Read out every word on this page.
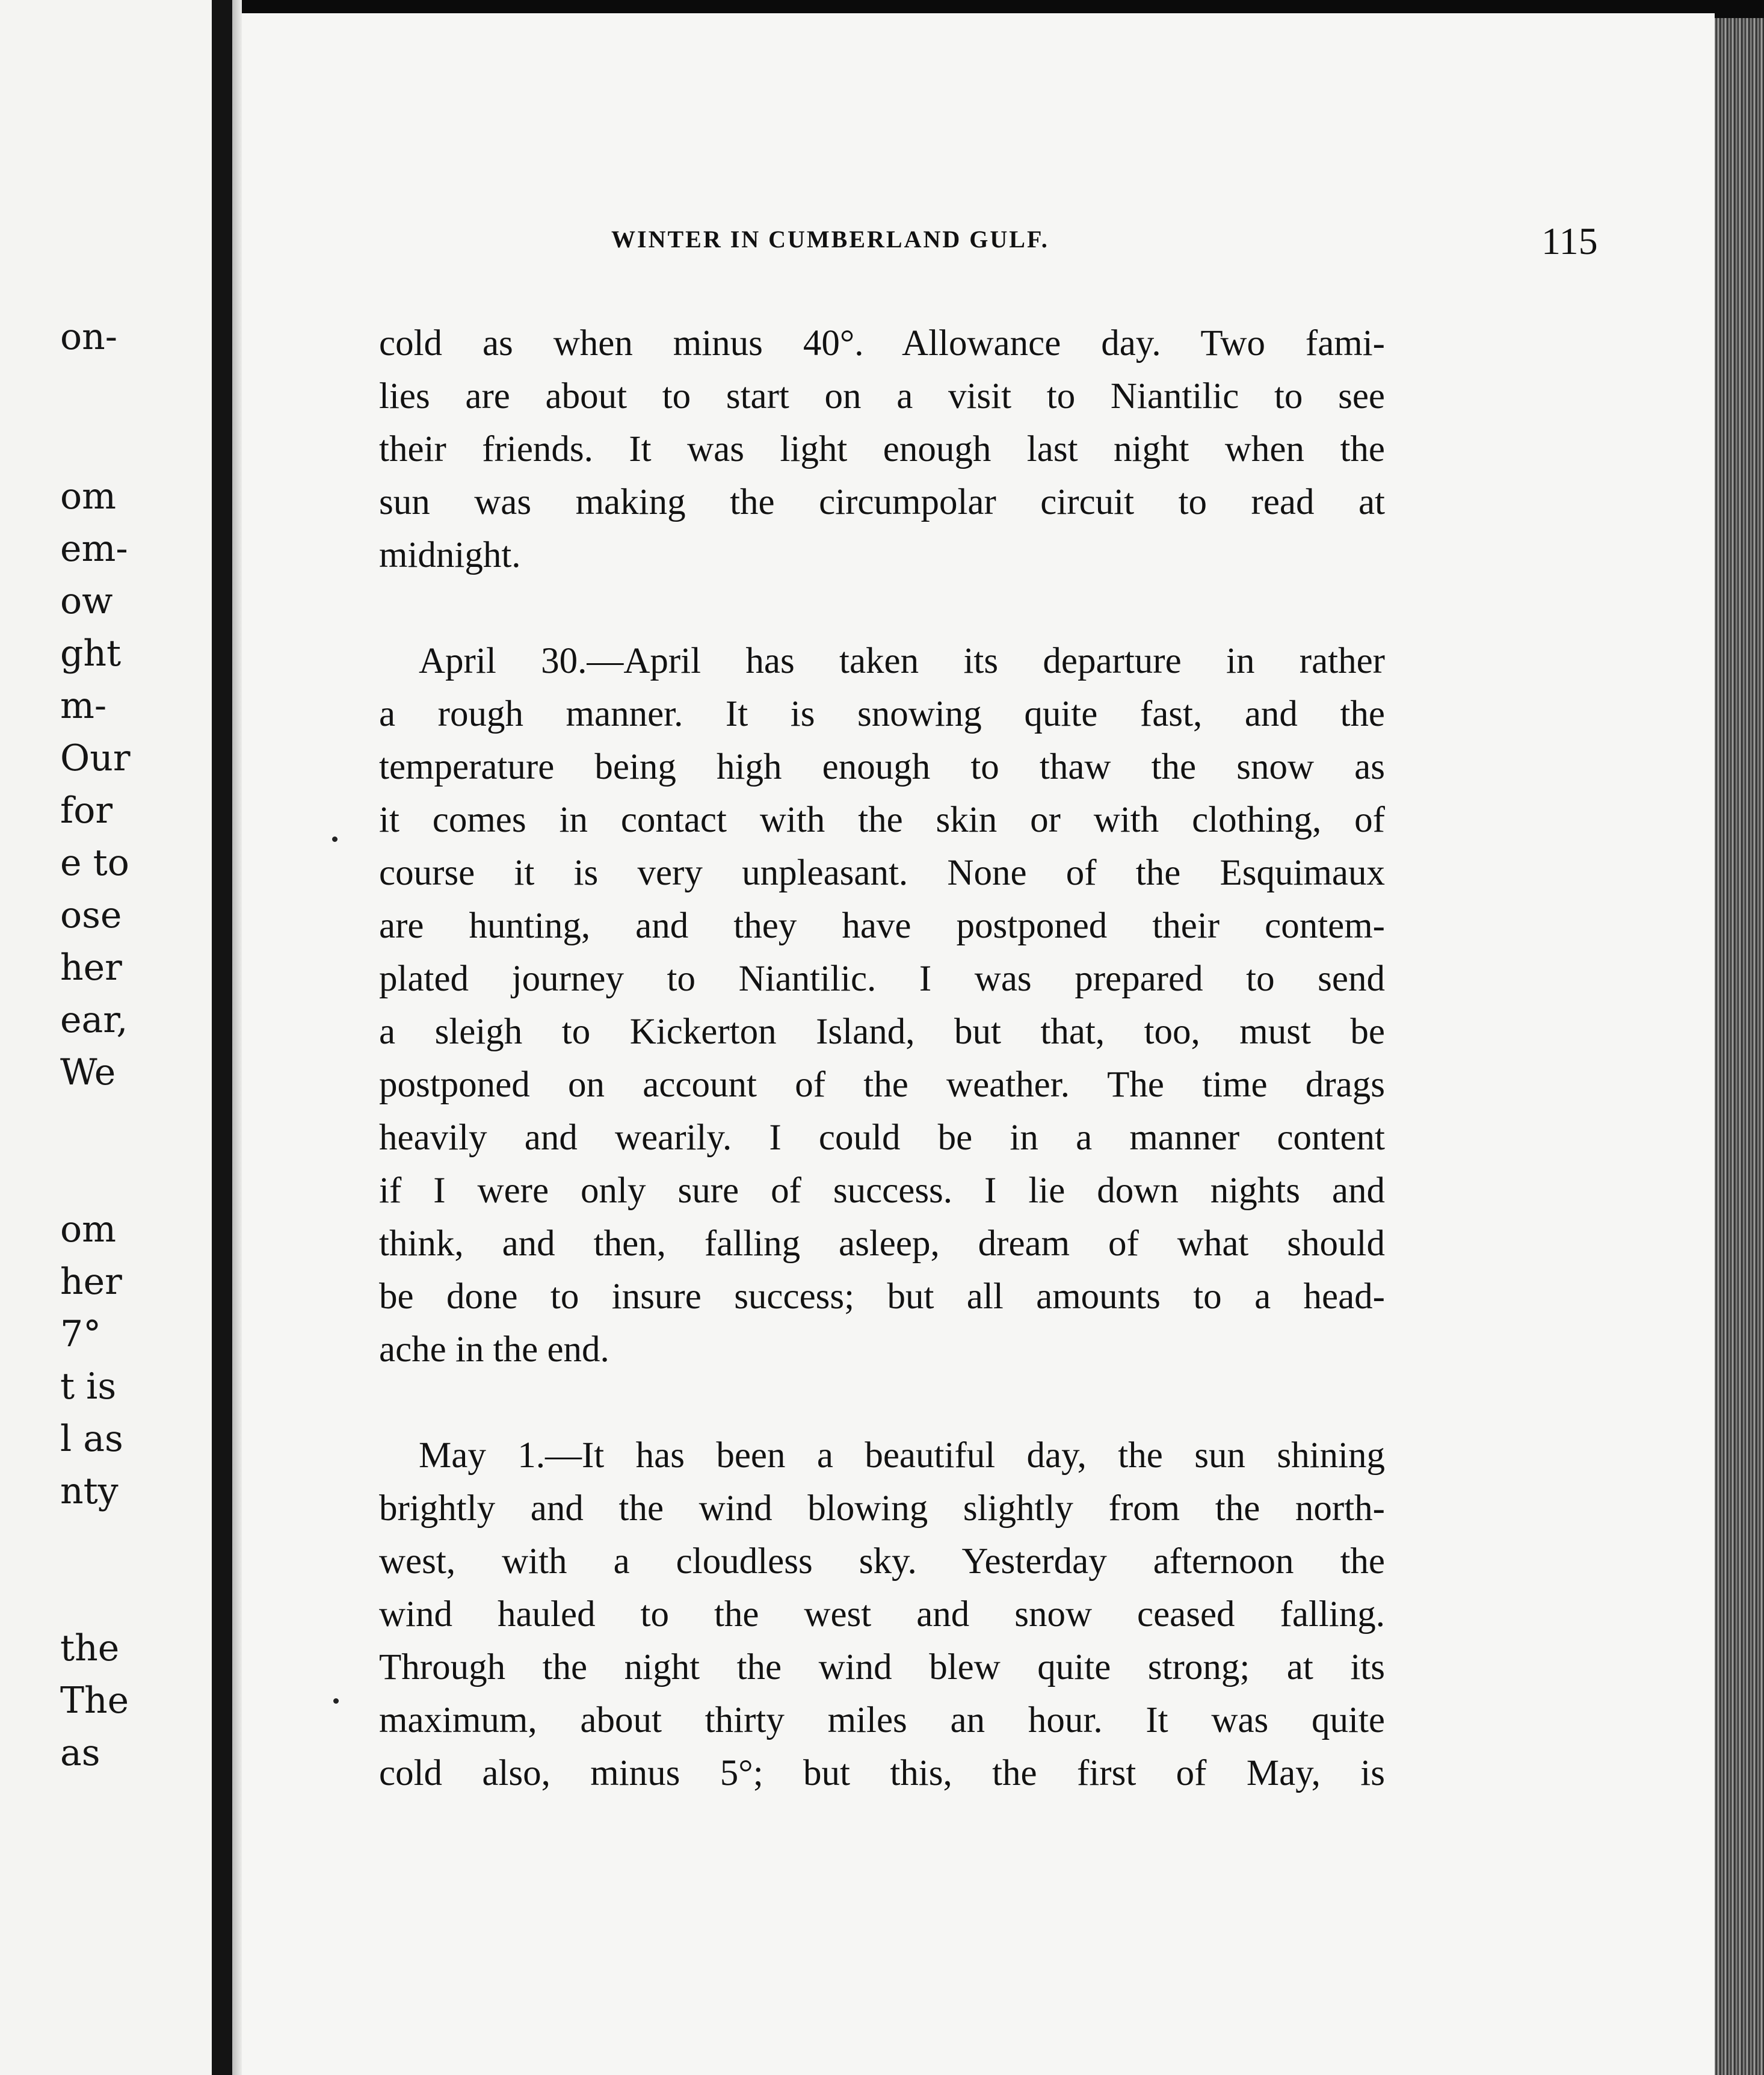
on-
om
em-
ow
ght
m-
Our
for
e to
ose
her
ear,
We
om
her
7°
t is
l as
nty
the
The
as
WINTER IN CUMBERLAND GULF.	115
cold as when minus 40°. Allowance day. Two fami-
lies are about to start on a visit to Niantilic to see
their friends. It was light enough last night when the
sun was making the circumpolar circuit to read at
midnight.
April 30.—April has taken its departure in rather
a rough manner. It is snowing quite fast, and the
temperature being high enough to thaw the snow as
it comes in contact with the skin or with clothing, of
course it is very unpleasant. None of the Esquimaux
are hunting, and they have postponed their contem-
plated journey to Niantilic. I was prepared to send
a sleigh to Kickerton Island, but that, too, must be
postponed on account of the weather. The time drags
heavily and wearily. I could be in a manner content
if I were only sure of success. I lie down nights and
think, and then, falling asleep, dream of what should
be done to insure success; but all amounts to a head-
ache in the end.
May 1.—It has been a beautiful day, the sun shining
brightly and the wind blowing slightly from the north-
west, with a cloudless sky. Yesterday afternoon the
wind hauled to the west and snow ceased falling.
Through the night the wind blew quite strong; at its
maximum, about thirty miles an hour. It was quite
cold also, minus 5°; but this, the first of May, is
